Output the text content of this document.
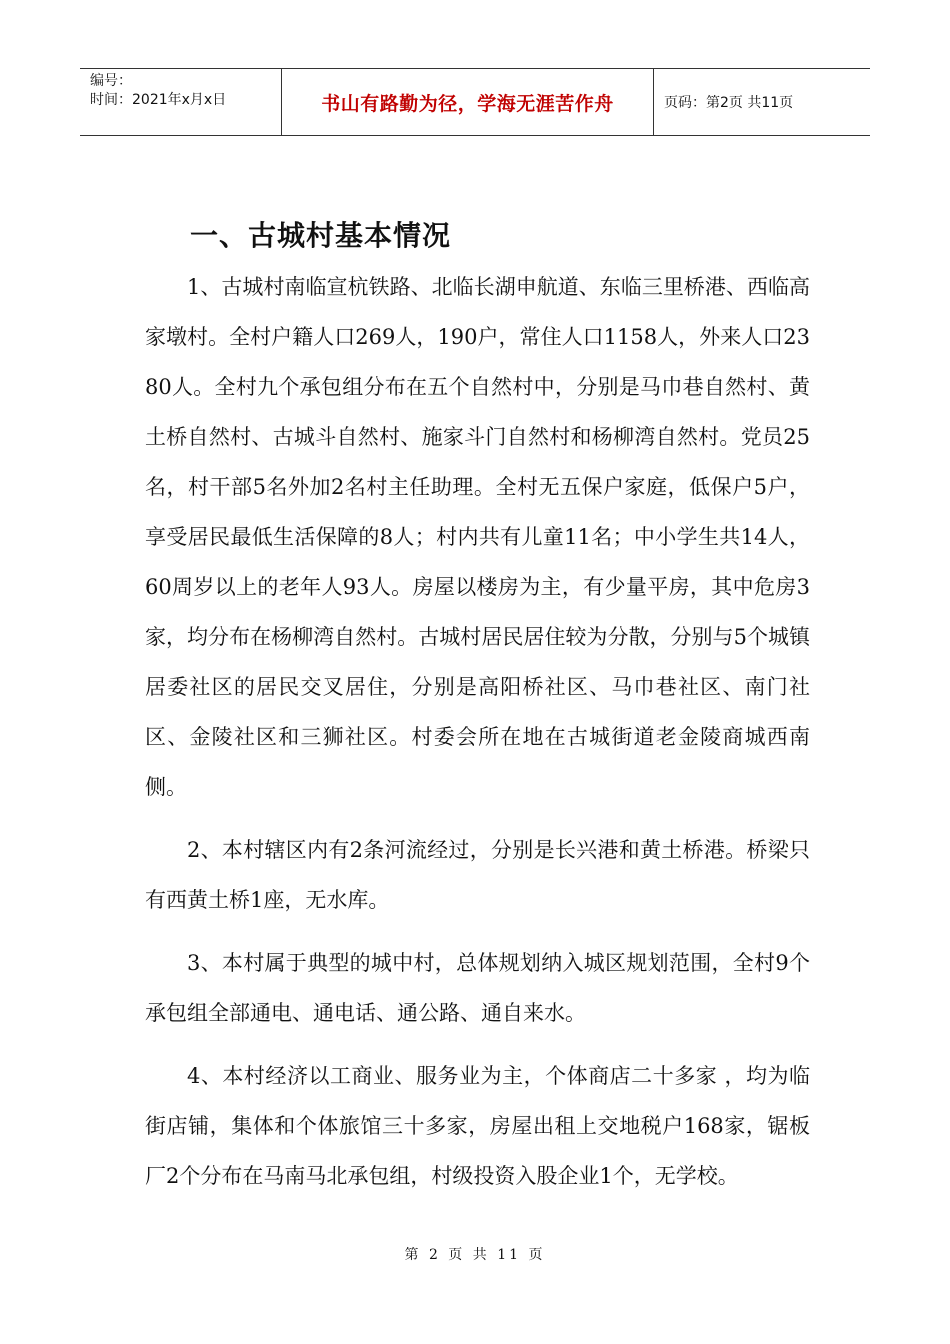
编号：
时间：2021年x月x日	书山有路勤为径，学海无涯苦作舟	页码：第2页 共11页
一、古城村基本情况

1、古城村南临宣杭铁路、北临长湖申航道、东临三里桥港、西临高家墩村。全村户籍人口269人，190户，常住人口1158人，外来人口2380人。全村九个承包组分布在五个自然村中，分别是马巾巷自然村、黄土桥自然村、古城斗自然村、施家斗门自然村和杨柳湾自然村。党员25名，村干部5名外加2名村主任助理。全村无五保户家庭，低保户5户，享受居民最低生活保障的8人；村内共有儿童11名；中小学生共14人，60周岁以上的老年人93人。房屋以楼房为主，有少量平房，其中危房3家，均分布在杨柳湾自然村。古城村居民居住较为分散，分别与5个城镇居委社区的居民交叉居住，分别是高阳桥社区、马巾巷社区、南门社区、金陵社区和三狮社区。村委会所在地在古城街道老金陵商城西南侧。

2、本村辖区内有2条河流经过，分别是长兴港和黄土桥港。桥梁只有西黄土桥1座，无水库。

3、本村属于典型的城中村，总体规划纳入城区规划范围，全村9个承包组全部通电、通电话、通公路、通自来水。

4、本村经济以工商业、服务业为主，个体商店二十多家 ，均为临街店铺，集体和个体旅馆三十多家，房屋出租上交地税户168家，锯板厂2个分布在马南马北承包组，村级投资入股企业1个，无学校。

第 2 页 共 11 页
